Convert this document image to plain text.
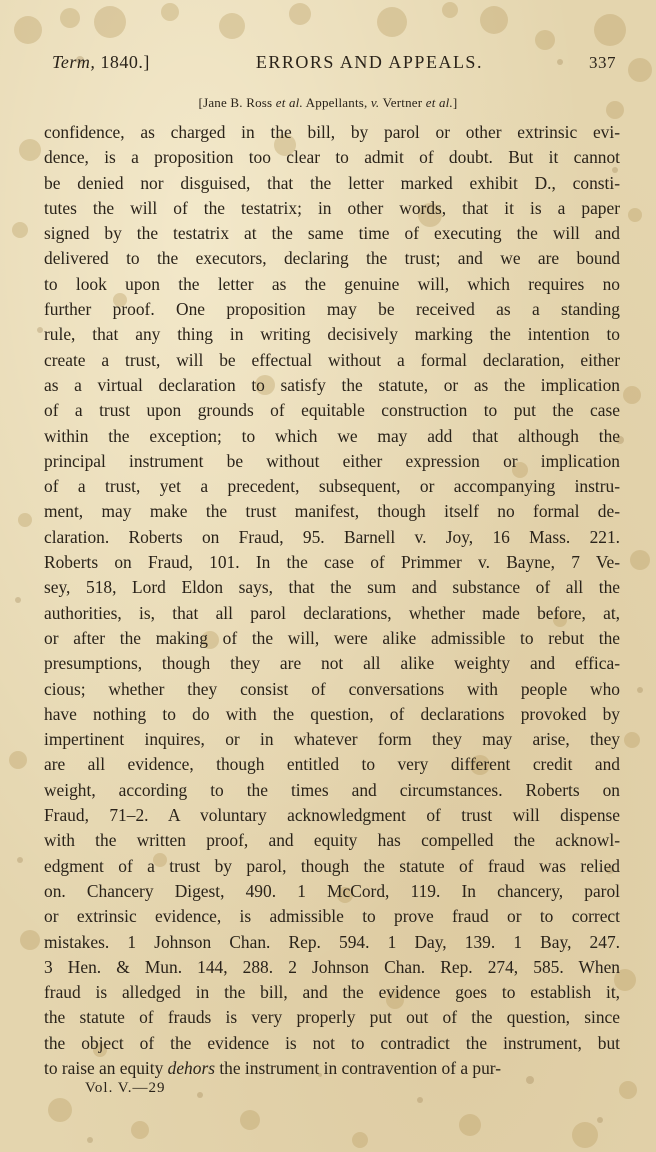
Term, 1840.]	ERRORS AND APPEALS.	337
[Jane B. Ross et al. Appellants, v. Vertner et al.]
confidence, as charged in the bill, by parol or other extrinsic evi-
dence, is a proposition too clear to admit of doubt. But it cannot
be denied nor disguised, that the letter marked exhibit D., consti-
tutes the will of the testatrix; in other words, that it is a paper
signed by the testatrix at the same time of executing the will and
delivered to the executors, declaring the trust; and we are bound
to look upon the letter as the genuine will, which requires no
further proof. One proposition may be received as a standing
rule, that any thing in writing decisively marking the intention to
create a trust, will be effectual without a formal declaration, either
as a virtual declaration to satisfy the statute, or as the implication
of a trust upon grounds of equitable construction to put the case
within the exception; to which we may add that although the
principal instrument be without either expression or implication
of a trust, yet a precedent, subsequent, or accompanying instru-
ment, may make the trust manifest, though itself no formal de-
claration. Roberts on Fraud, 95. Barnell v. Joy, 16 Mass. 221.
Roberts on Fraud, 101. In the case of Primmer v. Bayne, 7 Ve-
sey, 518, Lord Eldon says, that the sum and substance of all the
authorities, is, that all parol declarations, whether made before, at,
or after the making of the will, were alike admissible to rebut the
presumptions, though they are not all alike weighty and effica-
cious; whether they consist of conversations with people who
have nothing to do with the question, of declarations provoked by
impertinent inquires, or in whatever form they may arise, they
are all evidence, though entitled to very different credit and
weight, according to the times and circumstances. Roberts on
Fraud, 71–2. A voluntary acknowledgment of trust will dispense
with the written proof, and equity has compelled the acknowl-
edgment of a trust by parol, though the statute of fraud was relied
on. Chancery Digest, 490. 1 McCord, 119. In chancery, parol
or extrinsic evidence, is admissible to prove fraud or to correct
mistakes. 1 Johnson Chan. Rep. 594. 1 Day, 139. 1 Bay, 247.
3 Hen. & Mun. 144, 288. 2 Johnson Chan. Rep. 274, 585. When
fraud is alledged in the bill, and the evidence goes to establish it,
the statute of frauds is very properly put out of the question, since
the object of the evidence is not to contradict the instrument, but
to raise an equity dehors the instrument in contravention of a pur-
Vol. V.—29
